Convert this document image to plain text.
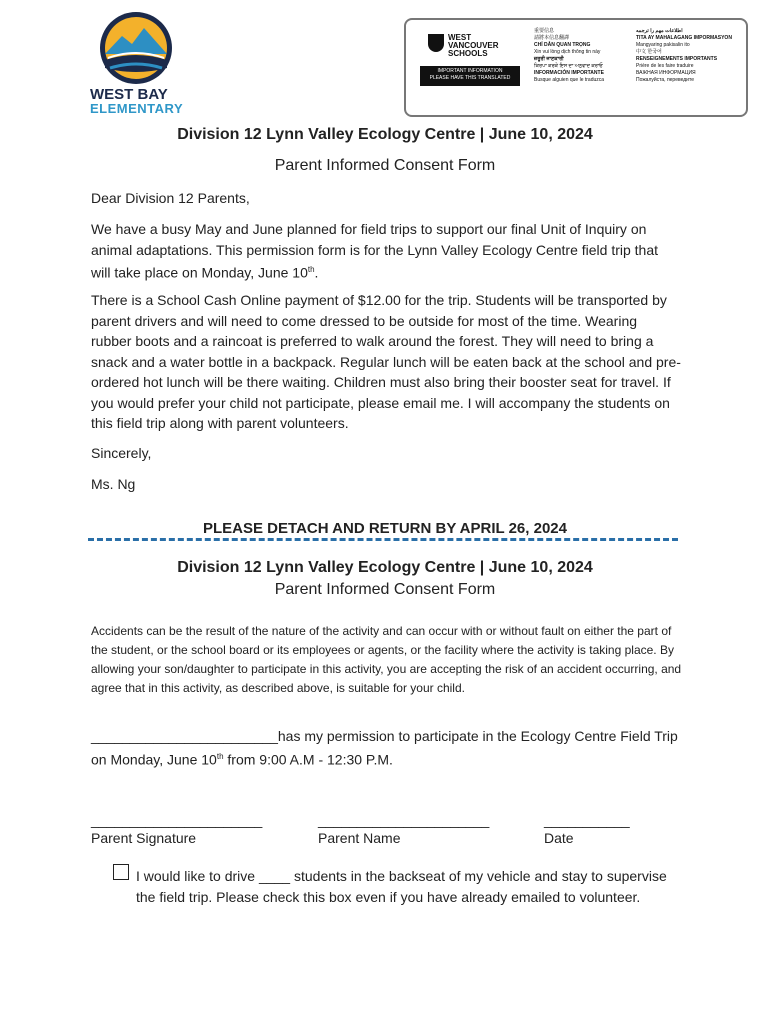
WEST BAY
ELEMENTARY
WEST VANCOUVER SCHOOLS
IMPORTANT INFORMATION
PLEASE HAVE THIS TRANSLATED
重要信息
請將本信息翻譯
CHỈ DẪN QUAN TRỌNG
Xin vui lòng dịch thông tin này
ਜ਼ਰੂਰੀ ਜਾਣਕਾਰੀ
ਕਿਰਪਾ ਕਰਕੇ ਇਸ ਦਾ ਅਨੁਵਾਦ ਕਰਾਓ
INFORMACIÓN IMPORTANTE
Busque alguien que le traduzca
اطلاعات مهم را ترجمه
TITA AY MAHALAGANG IMPORMASYON
Mangyaring pakisalin ito
中文 한국어
RENSEIGNEMENTS IMPORTANTS
Prière de les faire traduire
ВАЖНАЯ ИНФОРМАЦИЯ
Пожалуйста, переведите
Division 12 Lynn Valley Ecology Centre | June 10, 2024
Parent Informed Consent Form

Dear Division 12 Parents,

We have a busy May and June planned for field trips to support our final Unit of Inquiry on animal adaptations. This permission form is for the Lynn Valley Ecology Centre field trip that will take place on Monday, June 10th.

There is a School Cash Online payment of $12.00 for the trip. Students will be transported by parent drivers and will need to come dressed to be outside for most of the time. Wearing rubber boots and a raincoat is preferred to walk around the forest. They will need to bring a snack and a water bottle in a backpack. Regular lunch will be eaten back at the school and pre-ordered hot lunch will be there waiting. Children must also bring their booster seat for travel. If you would prefer your child not participate, please email me. I will accompany the students on this field trip along with parent volunteers.

Sincerely,

Ms. Ng

PLEASE DETACH AND RETURN BY APRIL 26, 2024
Division 12 Lynn Valley Ecology Centre | June 10, 2024
Parent Informed Consent Form

Accidents can be the result of the nature of the activity and can occur with or without fault on either the part of the student, or the school board or its employees or agents, or the facility where the activity is taking place. By allowing your son/daughter to participate in this activity, you are accepting the risk of an accident occurring, and agree that in this activity, as described above, is suitable for your child.

________________________has my permission to participate in the Ecology Centre Field Trip on Monday, June 10th from 9:00 A.M - 12:30 P.M.

______________________	______________________	___________
Parent Signature	Parent Name	Date

I would like to drive ____ students in the backseat of my vehicle and stay to supervise the field trip. Please check this box even if you have already emailed to volunteer.
